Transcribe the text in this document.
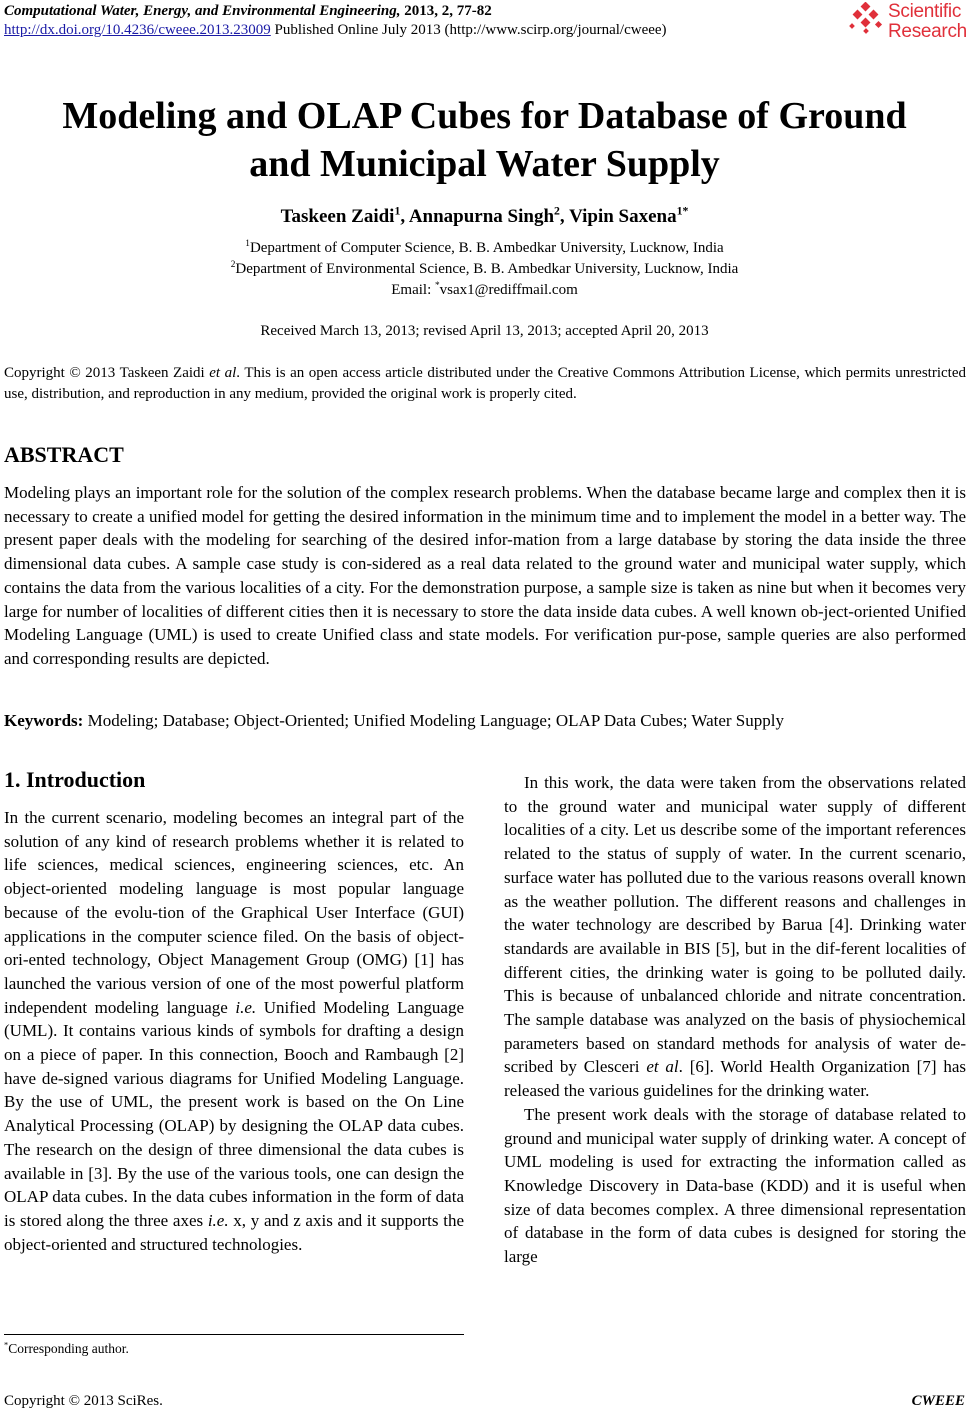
Computational Water, Energy, and Environmental Engineering, 2013, 2, 77-82
http://dx.doi.org/10.4236/cweee.2013.23009 Published Online July 2013 (http://www.scirp.org/journal/cweee)
Scientific
Research
Modeling and OLAP Cubes for Database of Ground
and Municipal Water Supply
Taskeen Zaidi$^1$, Annapurna Singh$^2$, Vipin Saxena$^{1*}$
$^1$Department of Computer Science, B. B. Ambedkar University, Lucknow, India
$^2$Department of Environmental Science, B. B. Ambedkar University, Lucknow, India
Email: *vsax1@rediffmail.com
Received March 13, 2013; revised April 13, 2013; accepted April 20, 2013
Copyright © 2013 Taskeen Zaidi et al. This is an open access article distributed under the Creative Commons Attribution License, which permits unrestricted use, distribution, and reproduction in any medium, provided the original work is properly cited.
ABSTRACT
Modeling plays an important role for the solution of the complex research problems. When the database became large and complex then it is necessary to create a unified model for getting the desired information in the minimum time and to implement the model in a better way. The present paper deals with the modeling for searching of the desired infor-mation from a large database by storing the data inside the three dimensional data cubes. A sample case study is con-sidered as a real data related to the ground water and municipal water supply, which contains the data from the various localities of a city. For the demonstration purpose, a sample size is taken as nine but when it becomes very large for number of localities of different cities then it is necessary to store the data inside data cubes. A well known ob-ject-oriented Unified Modeling Language (UML) is used to create Unified class and state models. For verification pur-pose, sample queries are also performed and corresponding results are depicted.
Keywords: Modeling; Database; Object-Oriented; Unified Modeling Language; OLAP Data Cubes; Water Supply
1. Introduction

In the current scenario, modeling becomes an integral part of the solution of any kind of research problems whether it is related to life sciences, medical sciences, engineering sciences, etc. An object-oriented modeling language is most popular language because of the evolu-tion of the Graphical User Interface (GUI) applications in the computer science filed. On the basis of object-ori-ented technology, Object Management Group (OMG) [1] has launched the various version of one of the most powerful platform independent modeling language i.e. Unified Modeling Language (UML). It contains various kinds of symbols for drafting a design on a piece of paper. In this connection, Booch and Rambaugh [2] have de-signed various diagrams for Unified Modeling Language. By the use of UML, the present work is based on the On Line Analytical Processing (OLAP) by designing the OLAP data cubes. The research on the design of three dimensional the data cubes is available in [3]. By the use of the various tools, one can design the OLAP data cubes. In the data cubes information in the form of data is stored along the three axes i.e. x, y and z axis and it supports the object-oriented and structured technologies.

In this work, the data were taken from the observations related to the ground water and municipal water supply of different localities of a city. Let us describe some of the important references related to the status of supply of water. In the current scenario, surface water has polluted due to the various reasons overall known as the weather pollution. The different reasons and challenges in the water technology are described by Barua [4]. Drinking water standards are available in BIS [5], but in the dif-ferent localities of different cities, the drinking water is going to be polluted daily. This is because of unbalanced chloride and nitrate concentration. The sample database was analyzed on the basis of physiochemical parameters based on standard methods for analysis of water de-scribed by Clesceri et al. [6]. World Health Organization [7] has released the various guidelines for the drinking water.

The present work deals with the storage of database related to ground and municipal water supply of drinking water. A concept of UML modeling is used for extracting the information called as Knowledge Discovery in Data-base (KDD) and it is useful when size of data becomes complex. A three dimensional representation of database in the form of data cubes is designed for storing the large

*Corresponding author.
Copyright © 2013 SciRes.	CWEEE
